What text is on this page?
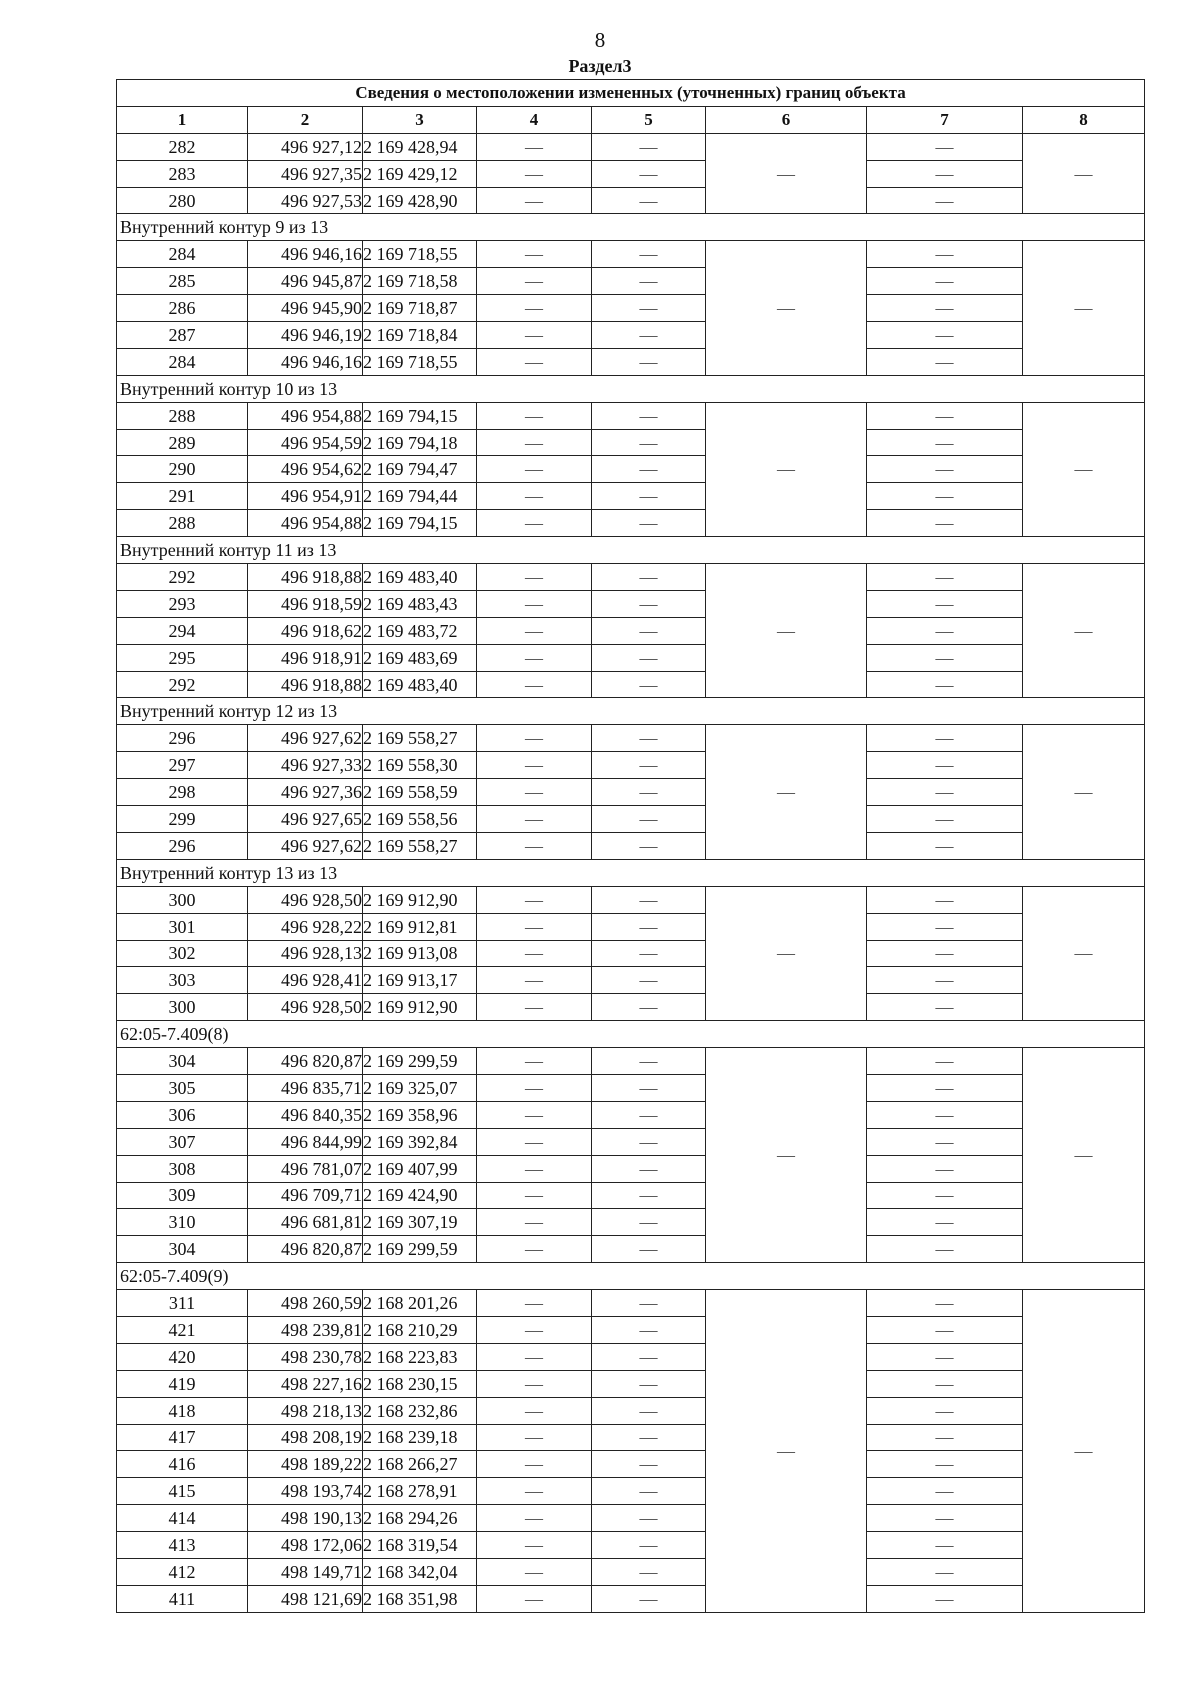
8
Раздел3
Сведения о местоположении измененных (уточненных) границ объекта							
1	2	3	4	5	6	7	8
282	496 927,12	2 169 428,94	—	—	—	—	—
283	496 927,35	2 169 429,12	—	—		—	
280	496 927,53	2 169 428,90	—	—		—	
Внутренний контур 9 из 13							
284	496 946,16	2 169 718,55	—	—	—	—	—
285	496 945,87	2 169 718,58	—	—		—	
286	496 945,90	2 169 718,87	—	—		—	
287	496 946,19	2 169 718,84	—	—		—	
284	496 946,16	2 169 718,55	—	—		—	
Внутренний контур 10 из 13							
288	496 954,88	2 169 794,15	—	—	—	—	—
289	496 954,59	2 169 794,18	—	—		—	
290	496 954,62	2 169 794,47	—	—		—	
291	496 954,91	2 169 794,44	—	—		—	
288	496 954,88	2 169 794,15	—	—		—	
Внутренний контур 11 из 13							
292	496 918,88	2 169 483,40	—	—	—	—	—
293	496 918,59	2 169 483,43	—	—		—	
294	496 918,62	2 169 483,72	—	—		—	
295	496 918,91	2 169 483,69	—	—		—	
292	496 918,88	2 169 483,40	—	—		—	
Внутренний контур 12 из 13							
296	496 927,62	2 169 558,27	—	—	—	—	—
297	496 927,33	2 169 558,30	—	—		—	
298	496 927,36	2 169 558,59	—	—		—	
299	496 927,65	2 169 558,56	—	—		—	
296	496 927,62	2 169 558,27	—	—		—	
Внутренний контур 13 из 13							
300	496 928,50	2 169 912,90	—	—	—	—	—
301	496 928,22	2 169 912,81	—	—		—	
302	496 928,13	2 169 913,08	—	—		—	
303	496 928,41	2 169 913,17	—	—		—	
300	496 928,50	2 169 912,90	—	—		—	
62:05-7.409(8)							
304	496 820,87	2 169 299,59	—	—	—	—	—
305	496 835,71	2 169 325,07	—	—		—	
306	496 840,35	2 169 358,96	—	—		—	
307	496 844,99	2 169 392,84	—	—		—	
308	496 781,07	2 169 407,99	—	—		—	
309	496 709,71	2 169 424,90	—	—		—	
310	496 681,81	2 169 307,19	—	—		—	
304	496 820,87	2 169 299,59	—	—		—	
62:05-7.409(9)							
311	498 260,59	2 168 201,26	—	—	—	—	—
421	498 239,81	2 168 210,29	—	—		—	
420	498 230,78	2 168 223,83	—	—		—	
419	498 227,16	2 168 230,15	—	—		—	
418	498 218,13	2 168 232,86	—	—		—	
417	498 208,19	2 168 239,18	—	—		—	
416	498 189,22	2 168 266,27	—	—		—	
415	498 193,74	2 168 278,91	—	—		—	
414	498 190,13	2 168 294,26	—	—		—	
413	498 172,06	2 168 319,54	—	—		—	
412	498 149,71	2 168 342,04	—	—		—	
411	498 121,69	2 168 351,98	—	—		—	
